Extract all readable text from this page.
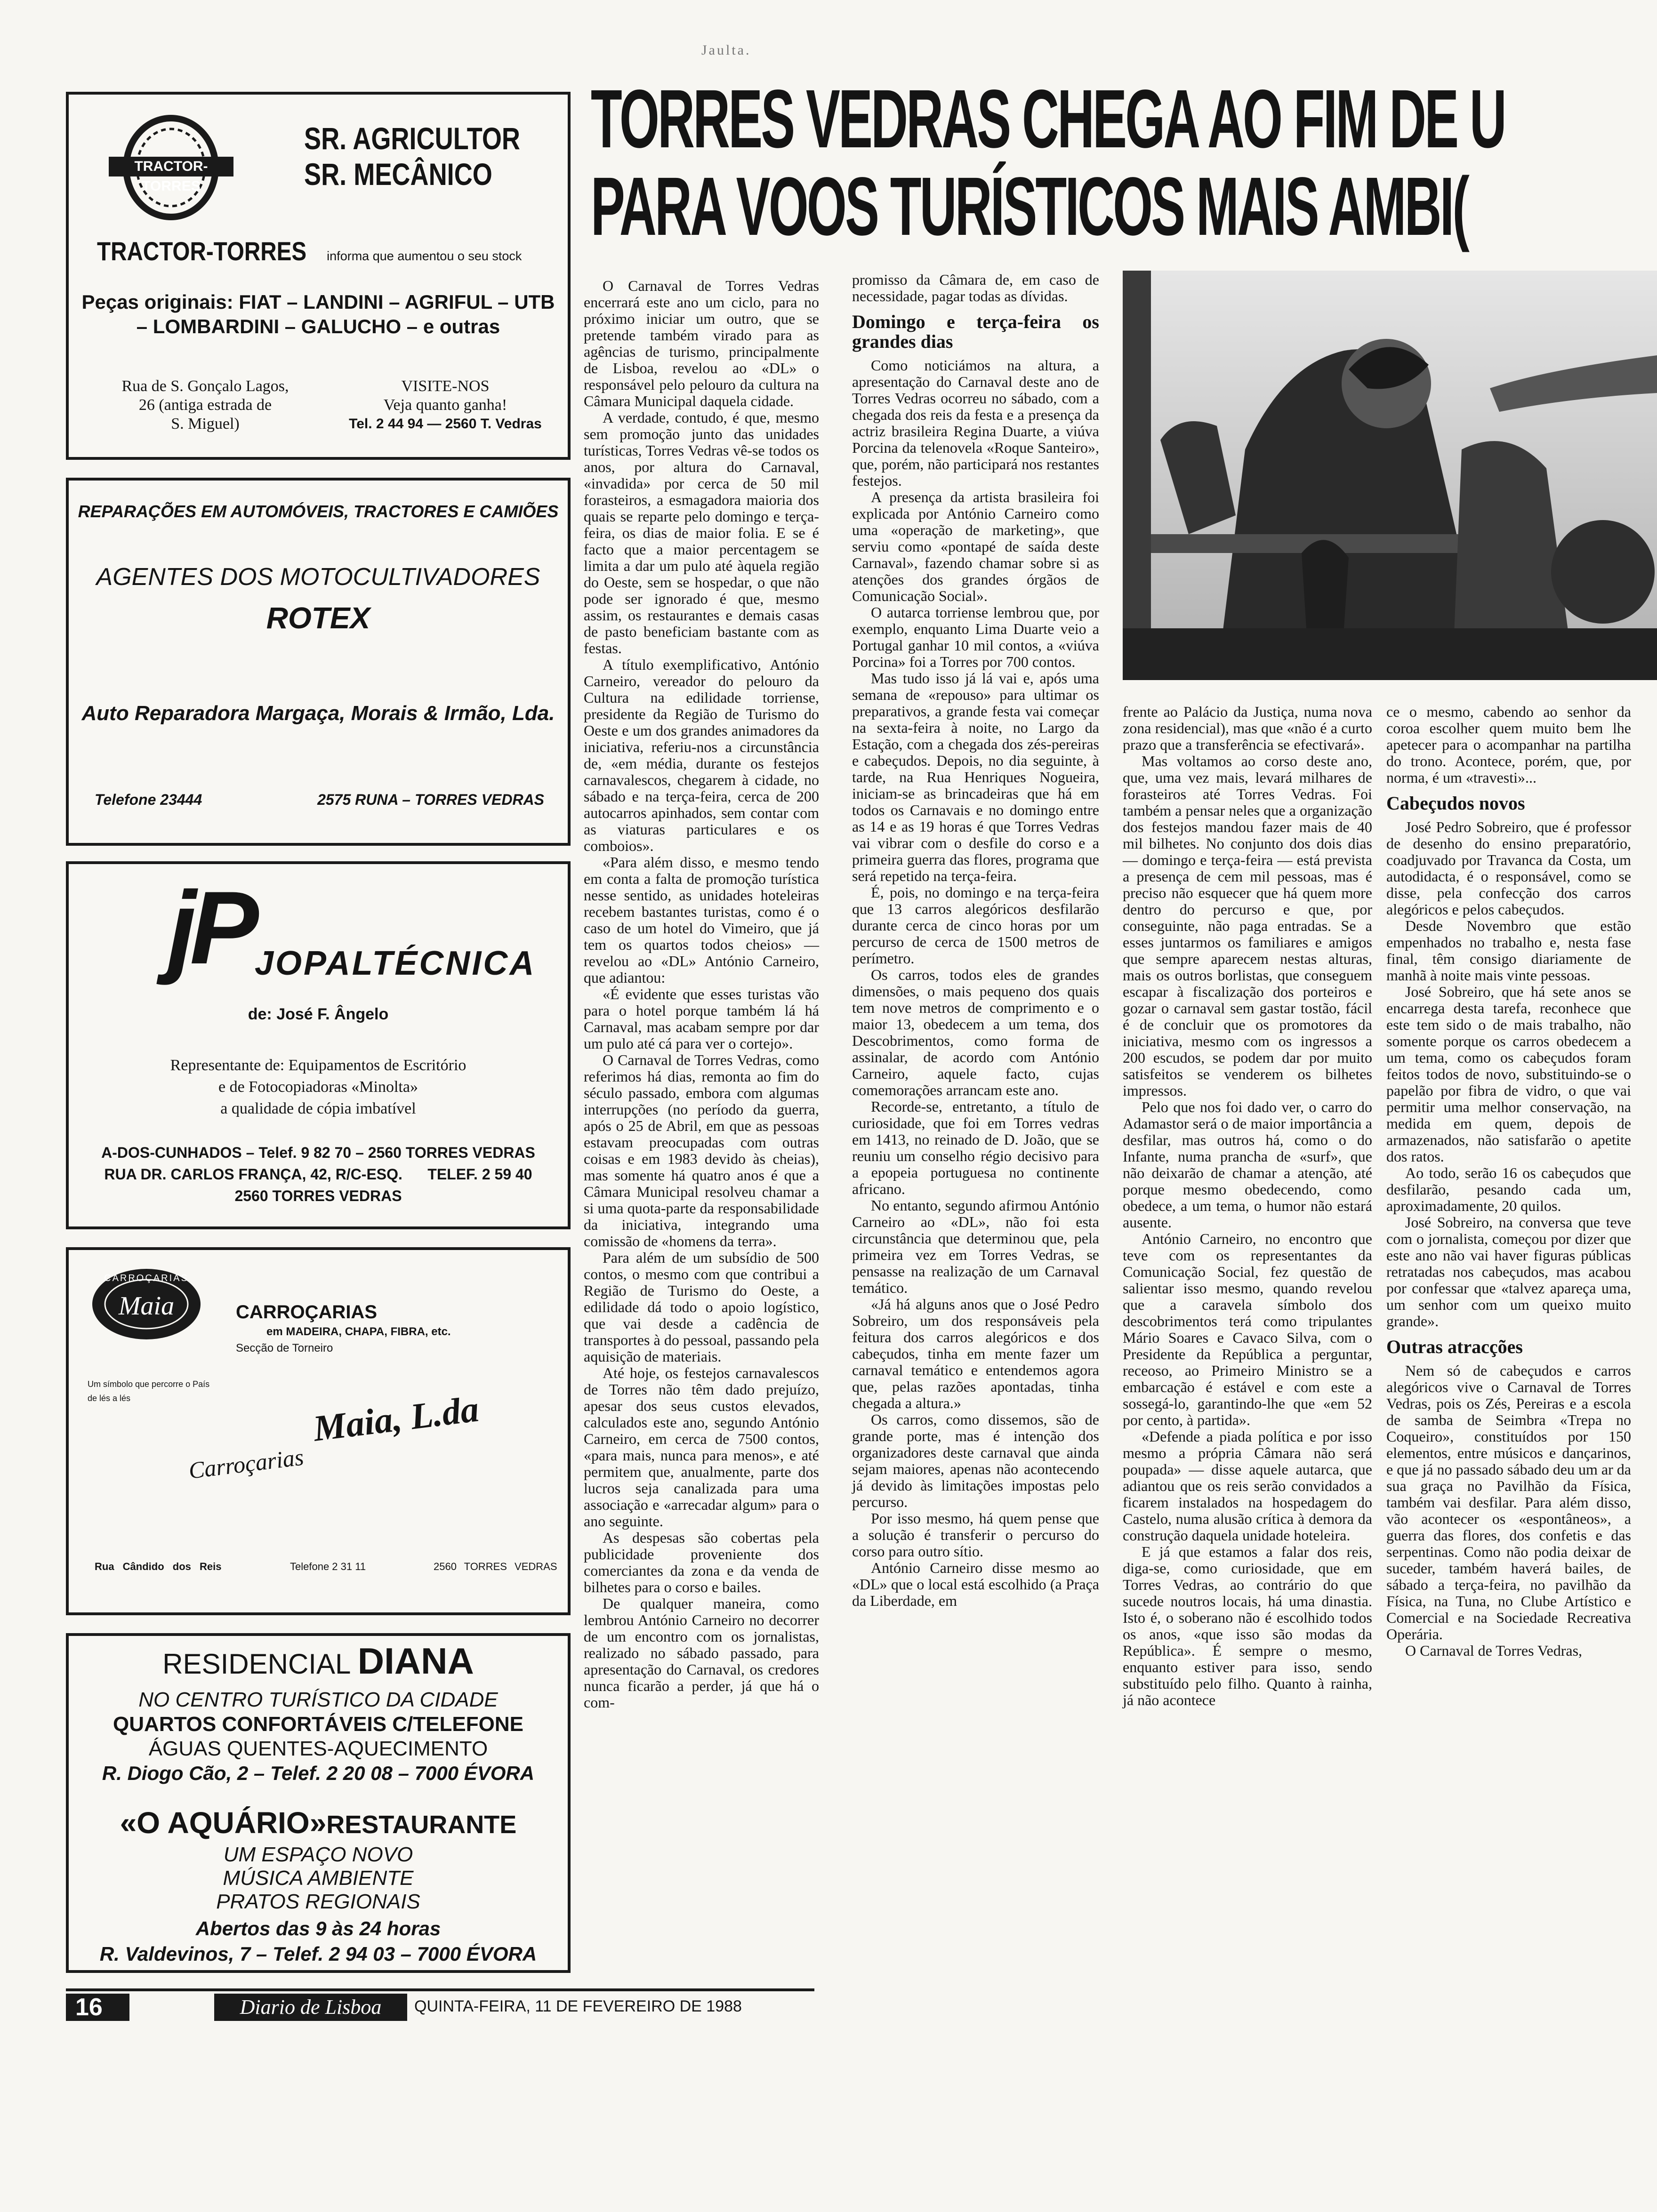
Jaulta.
TRACTOR-TORRES
SR. AGRICULTOR
SR. MECÂNICO
TRACTOR-TORRES informa que aumentou o seu stock
Peças originais: FIAT – LANDINI – AGRIFUL – UTB
– LOMBARDINI – GALUCHO – e outras
Rua de S. Gonçalo Lagos,
26 (antiga estrada de
S. Miguel)
VISITE-NOS
Veja quanto ganha!
Tel. 2 44 94 — 2560 T. Vedras
REPARAÇÕES EM AUTOMÓVEIS, TRACTORES E CAMIÕES
AGENTES DOS MOTOCULTIVADORES
ROTEX
Auto Reparadora Margaça, Morais & Irmão, Lda.
Telefone 23444	2575 RUNA – TORRES VEDRAS
jP JOPALTÉCNICA
de: José F. Ângelo
Representante de: Equipamentos de Escritório
e de Fotocopiadoras «Minolta»
a qualidade de cópia imbatível
A-DOS-CUNHADOS – Telef. 9 82 70 – 2560 TORRES VEDRAS
RUA DR. CARLOS FRANÇA, 42, R/C-ESQ.      TELEF. 2 59 40
2560 TORRES VEDRAS
CARROÇARIAS
Maia	CARROÇARIAS
em MADEIRA, CHAPA, FIBRA, etc.
Secção de Torneiro
Um símbolo que percorre o País de lés a lés
Carroçarias
Maia, L.da
Rua Cândido dos Reis	Telefone 2 31 11	2560 TORRES VEDRAS
RESIDENCIAL DIANA
NO CENTRO TURÍSTICO DA CIDADE
QUARTOS CONFORTÁVEIS C/TELEFONE
ÁGUAS QUENTES-AQUECIMENTO
R. Diogo Cão, 2 – Telef. 2 20 08 – 7000 ÉVORA
«O AQUÁRIO»RESTAURANTE
UM ESPAÇO NOVO
MÚSICA AMBIENTE
PRATOS REGIONAIS
Abertos das 9 às 24 horas
R. Valdevinos, 7 – Telef. 2 94 03 – 7000 ÉVORA
16	Diario de Lisboa	QUINTA-FEIRA, 11 DE FEVEREIRO DE 1988
TORRES VEDRAS CHEGA AO FIM DE U
PARA VOOS TURÍSTICOS MAIS AMBI(

O Carnaval de Torres Vedras encerrará este ano um ciclo, para no próximo iniciar um outro, que se pretende também virado para as agências de turismo, principalmente de Lisboa, revelou ao «DL» o responsável pelo pelouro da cultura na Câmara Municipal daquela cidade.

A verdade, contudo, é que, mesmo sem promoção junto das unidades turísticas, Torres Vedras vê-se todos os anos, por altura do Carnaval, «invadida» por cerca de 50 mil forasteiros, a esmagadora maioria dos quais se reparte pelo domingo e terça-feira, os dias de maior folia. E se é facto que a maior percentagem se limita a dar um pulo até àquela região do Oeste, sem se hospedar, o que não pode ser ignorado é que, mesmo assim, os restaurantes e demais casas de pasto beneficiam bastante com as festas.

A título exemplificativo, António Carneiro, vereador do pelouro da Cultura na edilidade torriense, presidente da Região de Turismo do Oeste e um dos grandes animadores da iniciativa, referiu-nos a circunstância de, «em média, durante os festejos carnavalescos, chegarem à cidade, no sábado e na terça-feira, cerca de 200 autocarros apinhados, sem contar com as viaturas particulares e os comboios».

«Para além disso, e mesmo tendo em conta a falta de promoção turística nesse sentido, as unidades hoteleiras recebem bastantes turistas, como é o caso de um hotel do Vimeiro, que já tem os quartos todos cheios» — revelou ao «DL» António Carneiro, que adiantou:

«É evidente que esses turistas vão para o hotel porque também lá há Carnaval, mas acabam sempre por dar um pulo até cá para ver o cortejo».

O Carnaval de Torres Vedras, como referimos há dias, remonta ao fim do século passado, embora com algumas interrupções (no período da guerra, após o 25 de Abril, em que as pessoas estavam preocupadas com outras coisas e em 1983 devido às cheias), mas somente há quatro anos é que a Câmara Municipal resolveu chamar a si uma quota-parte da responsabilidade da iniciativa, integrando uma comissão de «homens da terra».

Para além de um subsídio de 500 contos, o mesmo com que contribui a Região de Turismo do Oeste, a edilidade dá todo o apoio logístico, que vai desde a cadência de transportes à do pessoal, passando pela aquisição de materiais.

Até hoje, os festejos carnavalescos de Torres não têm dado prejuízo, apesar dos seus custos elevados, calculados este ano, segundo António Carneiro, em cerca de 7500 contos, «para mais, nunca para menos», e até permitem que, anualmente, parte dos lucros seja canalizada para uma associação e «arrecadar algum» para o ano seguinte.

As despesas são cobertas pela publicidade proveniente dos comerciantes da zona e da venda de bilhetes para o corso e bailes.

De qualquer maneira, como lembrou António Carneiro no decorrer de um encontro com os jornalistas, realizado no sábado passado, para apresentação do Carnaval, os credores nunca ficarão a perder, já que há o com-

promisso da Câmara de, em caso de necessidade, pagar todas as dívidas.

Domingo e terça-feira os grandes dias

Como noticiámos na altura, a apresentação do Carnaval deste ano de Torres Vedras ocorreu no sábado, com a chegada dos reis da festa e a presença da actriz brasileira Regina Duarte, a viúva Porcina da telenovela «Roque Santeiro», que, porém, não participará nos restantes festejos.

A presença da artista brasileira foi explicada por António Carneiro como uma «operação de marketing», que serviu como «pontapé de saída deste Carnaval», fazendo chamar sobre si as atenções dos grandes órgãos de Comunicação Social».

O autarca torriense lembrou que, por exemplo, enquanto Lima Duarte veio a Portugal ganhar 10 mil contos, a «viúva Porcina» foi a Torres por 700 contos.

Mas tudo isso já lá vai e, após uma semana de «repouso» para ultimar os preparativos, a grande festa vai começar na sexta-feira à noite, no Largo da Estação, com a chegada dos zés-pereiras e cabeçudos. Depois, no dia seguinte, à tarde, na Rua Henriques Nogueira, iniciam-se as brincadeiras que há em todos os Carnavais e no domingo entre as 14 e as 19 horas é que Torres Vedras vai vibrar com o desfile do corso e a primeira guerra das flores, programa que será repetido na terça-feira.

É, pois, no domingo e na terça-feira que 13 carros alegóricos desfilarão durante cerca de cinco horas por um percurso de cerca de 1500 metros de perímetro.

Os carros, todos eles de grandes dimensões, o mais pequeno dos quais tem nove metros de comprimento e o maior 13, obedecem a um tema, dos Descobrimentos, como forma de assinalar, de acordo com António Carneiro, aquele facto, cujas comemorações arrancam este ano.

Recorde-se, entretanto, a título de curiosidade, que foi em Torres vedras em 1413, no reinado de D. João, que se reuniu um conselho régio decisivo para a epopeia portuguesa no continente africano.

No entanto, segundo afirmou António Carneiro ao «DL», não foi esta circunstância que determinou que, pela primeira vez em Torres Vedras, se pensasse na realização de um Carnaval temático.

«Já há alguns anos que o José Pedro Sobreiro, um dos responsáveis pela feitura dos carros alegóricos e dos cabeçudos, tinha em mente fazer um carnaval temático e entendemos agora que, pelas razões apontadas, tinha chegada a altura.»

Os carros, como dissemos, são de grande porte, mas é intenção dos organizadores deste carnaval que ainda sejam maiores, apenas não acontecendo já devido às limitações impostas pelo percurso.

Por isso mesmo, há quem pense que a solução é transferir o percurso do corso para outro sítio.

António Carneiro disse mesmo ao «DL» que o local está escolhido (a Praça da Liberdade, em

frente ao Palácio da Justiça, numa nova zona residencial), mas que «não é a curto prazo que a transferência se efectivará».

Mas voltamos ao corso deste ano, que, uma vez mais, levará milhares de forasteiros até Torres Vedras. Foi também a pensar neles que a organização dos festejos mandou fazer mais de 40 mil bilhetes. No conjunto dos dois dias — domingo e terça-feira — está prevista a presença de cem mil pessoas, mas é preciso não esquecer que há quem more dentro do percurso e que, por conseguinte, não paga entradas. Se a esses juntarmos os familiares e amigos que sempre aparecem nestas alturas, mais os outros borlistas, que conseguem escapar à fiscalização dos porteiros e gozar o carnaval sem gastar tostão, fácil é de concluir que os promotores da iniciativa, mesmo com os ingressos a 200 escudos, se podem dar por muito satisfeitos se venderem os bilhetes impressos.

Pelo que nos foi dado ver, o carro do Adamastor será o de maior importância a desfilar, mas outros há, como o do Infante, numa prancha de «surf», que não deixarão de chamar a atenção, até porque mesmo obedecendo, como obedece, a um tema, o humor não estará ausente.

António Carneiro, no encontro que teve com os representantes da Comunicação Social, fez questão de salientar isso mesmo, quando revelou que a caravela símbolo dos descobrimentos terá como tripulantes Mário Soares e Cavaco Silva, com o Presidente da República a perguntar, receoso, ao Primeiro Ministro se a embarcação é estável e com este a sossegá-lo, garantindo-lhe que «em 52 por cento, à partida».

«Defende a piada política e por isso mesmo a própria Câmara não será poupada» — disse aquele autarca, que adiantou que os reis serão convidados a ficarem instalados na hospedagem do Castelo, numa alusão crítica à demora da construção daquela unidade hoteleira.

E já que estamos a falar dos reis, diga-se, como curiosidade, que em Torres Vedras, ao contrário do que sucede noutros locais, há uma dinastia. Isto é, o soberano não é escolhido todos os anos, «que isso são modas da República». É sempre o mesmo, enquanto estiver para isso, sendo substituído pelo filho. Quanto à rainha, já não acontece

ce o mesmo, cabendo ao senhor da coroa escolher quem muito bem lhe apetecer para o acompanhar na partilha do trono. Acontece, porém, que, por norma, é um «travesti»...

Cabeçudos novos

José Pedro Sobreiro, que é professor de desenho do ensino preparatório, coadjuvado por Travanca da Costa, um autodidacta, é o responsável, como se disse, pela confecção dos carros alegóricos e pelos cabeçudos.

Desde Novembro que estão empenhados no trabalho e, nesta fase final, têm consigo diariamente de manhã à noite mais vinte pessoas.

José Sobreiro, que há sete anos se encarrega desta tarefa, reconhece que este tem sido o de mais trabalho, não somente porque os carros obedecem a um tema, como os cabeçudos foram feitos todos de novo, substituindo-se o papelão por fibra de vidro, o que vai permitir uma melhor conservação, na medida em quem, depois de armazenados, não satisfarão o apetite dos ratos.

Ao todo, serão 16 os cabeçudos que desfilarão, pesando cada um, aproximadamente, 20 quilos.

José Sobreiro, na conversa que teve com o jornalista, começou por dizer que este ano não vai haver figuras públicas retratadas nos cabeçudos, mas acabou por confessar que «talvez apareça uma, um senhor com um queixo muito grande».

Outras atracções

Nem só de cabeçudos e carros alegóricos vive o Carnaval de Torres Vedras, pois os Zés, Pereiras e a escola de samba de Seimbra «Trepa no Coqueiro», constituídos por 150 elementos, entre músicos e dançarinos, e que já no passado sábado deu um ar da sua graça no Pavilhão da Física, também vai desfilar. Para além disso, vão acontecer os «espontâneos», a guerra das flores, dos confetis e das serpentinas. Como não podia deixar de suceder, também haverá bailes, de sábado a terça-feira, no pavilhão da Física, na Tuna, no Clube Artístico e Comercial e na Sociedade Recreativa Operária.

O Carnaval de Torres Vedras,
